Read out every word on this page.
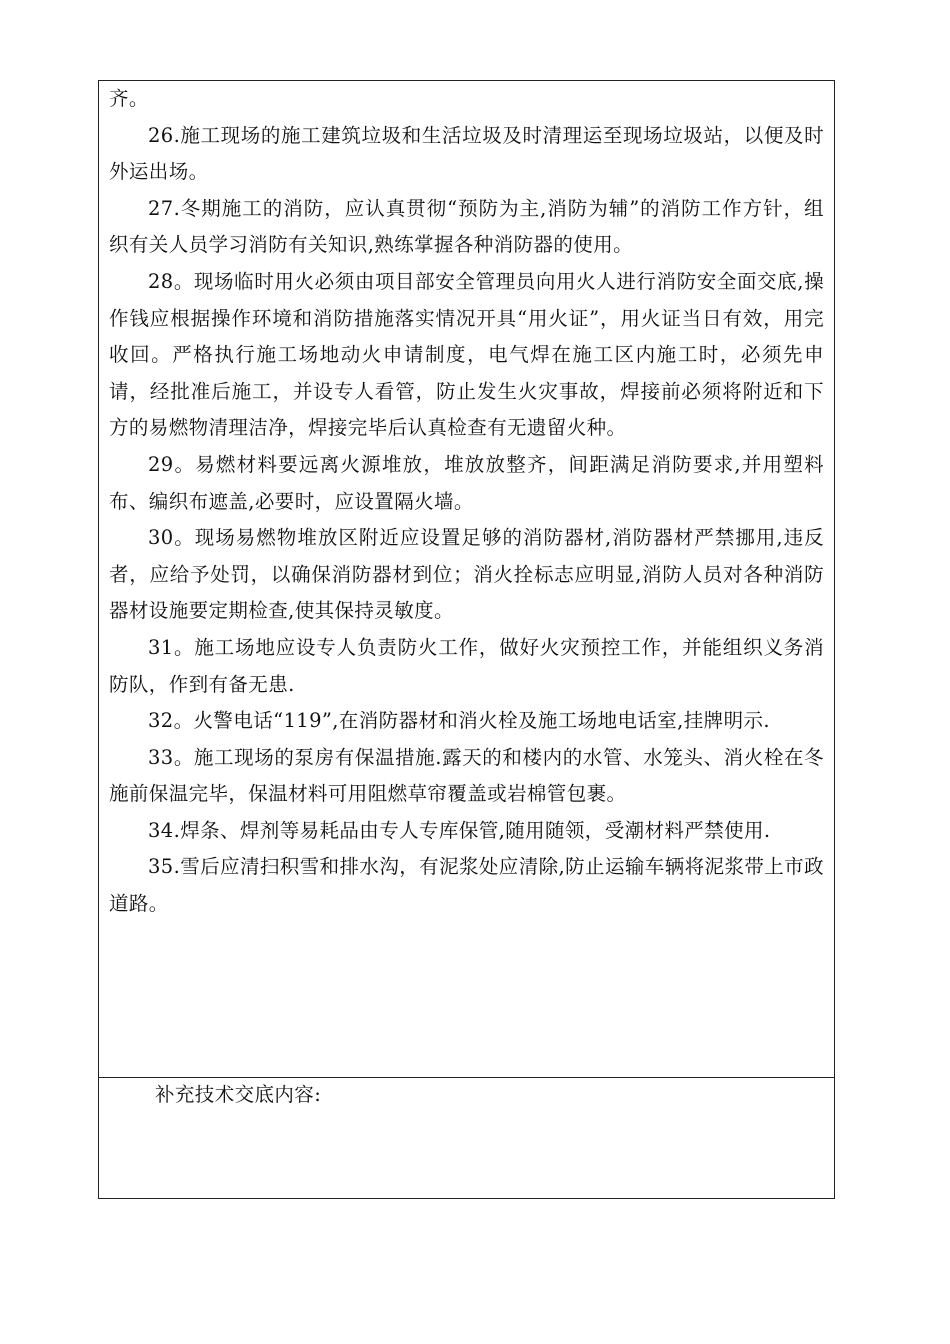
齐。

26.施工现场的施工建筑垃圾和生活垃圾及时清理运至现场垃圾站，以便及时外运出场。

27.冬期施工的消防，应认真贯彻“预防为主,消防为辅”的消防工作方针，组织有关人员学习消防有关知识,熟练掌握各种消防器的使用。

28。现场临时用火必须由项目部安全管理员向用火人进行消防安全面交底,操作钱应根据操作环境和消防措施落实情况开具“用火证”，用火证当日有效，用完收回。严格执行施工场地动火申请制度，电气焊在施工区内施工时，必须先申请，经批准后施工，并设专人看管，防止发生火灾事故，焊接前必须将附近和下方的易燃物清理洁净，焊接完毕后认真检查有无遗留火种。

29。易燃材料要远离火源堆放，堆放放整齐，间距满足消防要求,并用塑料布、编织布遮盖,必要时，应设置隔火墙。

30。现场易燃物堆放区附近应设置足够的消防器材,消防器材严禁挪用,违反者，应给予处罚，以确保消防器材到位；消火拴标志应明显,消防人员对各种消防器材设施要定期检查,使其保持灵敏度。

31。施工场地应设专人负责防火工作，做好火灾预控工作，并能组织义务消防队，作到有备无患.

32。火警电话“119”,在消防器材和消火栓及施工场地电话室,挂牌明示.

33。施工现场的泵房有保温措施.露天的和楼内的水管、水笼头、消火栓在冬施前保温完毕，保温材料可用阻燃草帘覆盖或岩棉管包裹。

34.焊条、焊剂等易耗品由专人专库保管,随用随领，受潮材料严禁使用.

35.雪后应清扫积雪和排水沟，有泥浆处应清除,防止运输车辆将泥浆带上市政道路。

补充技术交底内容:
